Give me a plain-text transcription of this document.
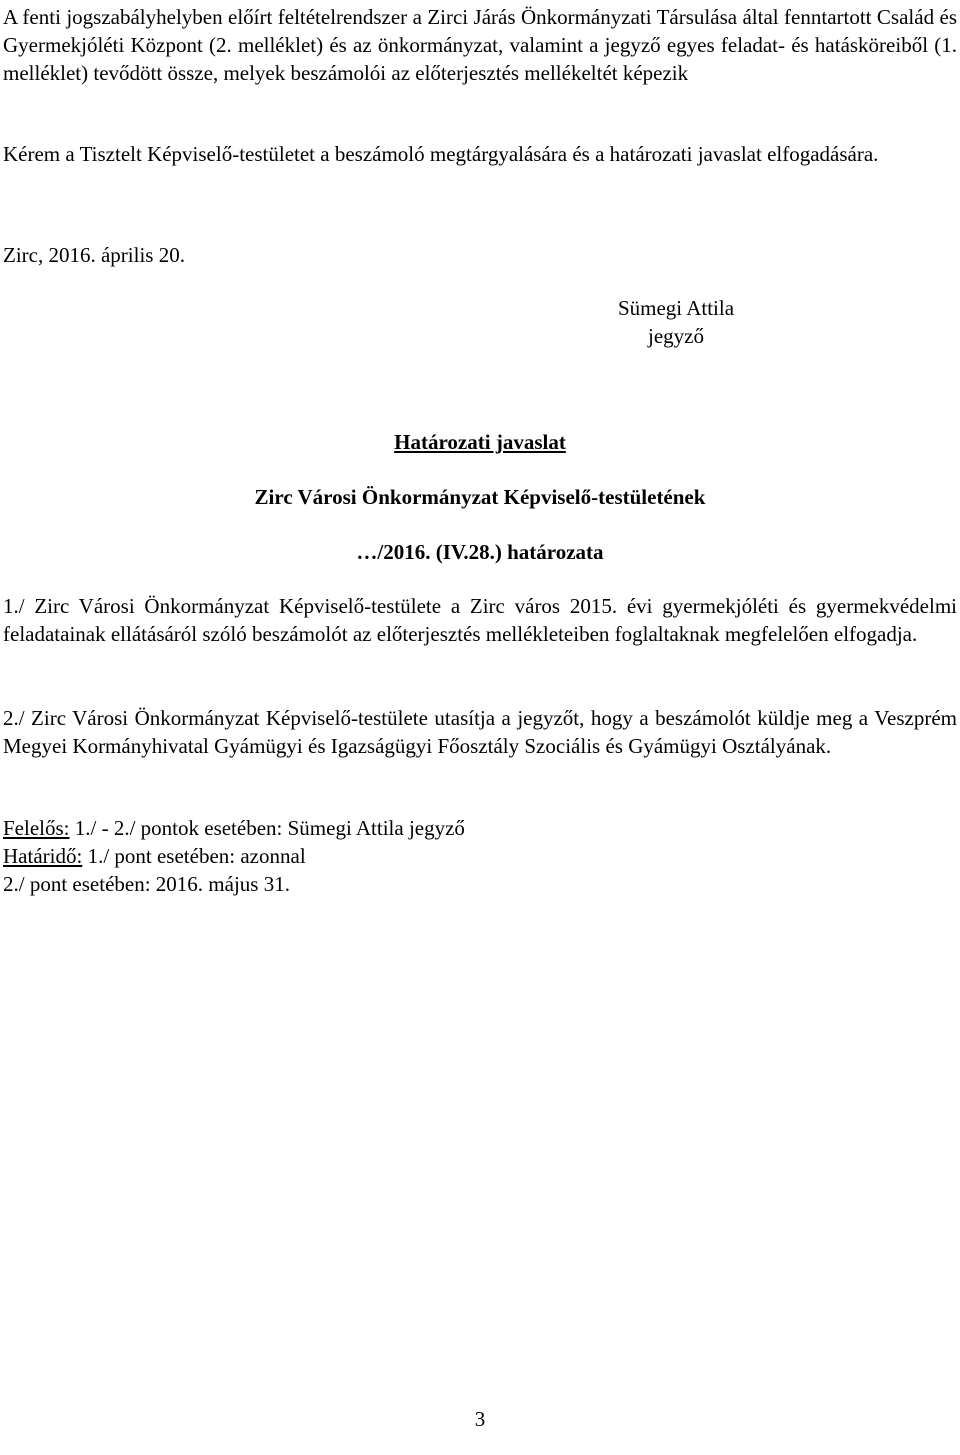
A fenti jogszabályhelyben előírt feltételrendszer a Zirci Járás Önkormányzati Társulása által fenntartott Család és Gyermekjóléti Központ (2. melléklet) és az önkormányzat, valamint a jegyző egyes feladat- és hatásköreiből (1. melléklet) tevődött össze, melyek beszámolói az előterjesztés mellékeltét képezik
Kérem a Tisztelt Képviselő-testületet a beszámoló megtárgyalására és a határozati javaslat elfogadására.
Zirc, 2016. április 20.
Sümegi Attila
jegyző
Határozati javaslat
Zirc Városi Önkormányzat Képviselő-testületének
…/2016. (IV.28.) határozata
1./ Zirc Városi Önkormányzat Képviselő-testülete a Zirc város 2015. évi gyermekjóléti és gyermekvédelmi feladatainak ellátásáról szóló beszámolót az előterjesztés mellékleteiben foglaltaknak megfelelően elfogadja.
2./ Zirc Városi Önkormányzat Képviselő-testülete utasítja a jegyzőt, hogy a beszámolót küldje meg a Veszprém Megyei Kormányhivatal Gyámügyi és Igazságügyi Főosztály Szociális és Gyámügyi Osztályának.
Felelős: 1./ - 2./ pontok esetében: Sümegi Attila jegyző
Határidő: 1./ pont esetében: azonnal
2./ pont esetében: 2016. május 31.
3
